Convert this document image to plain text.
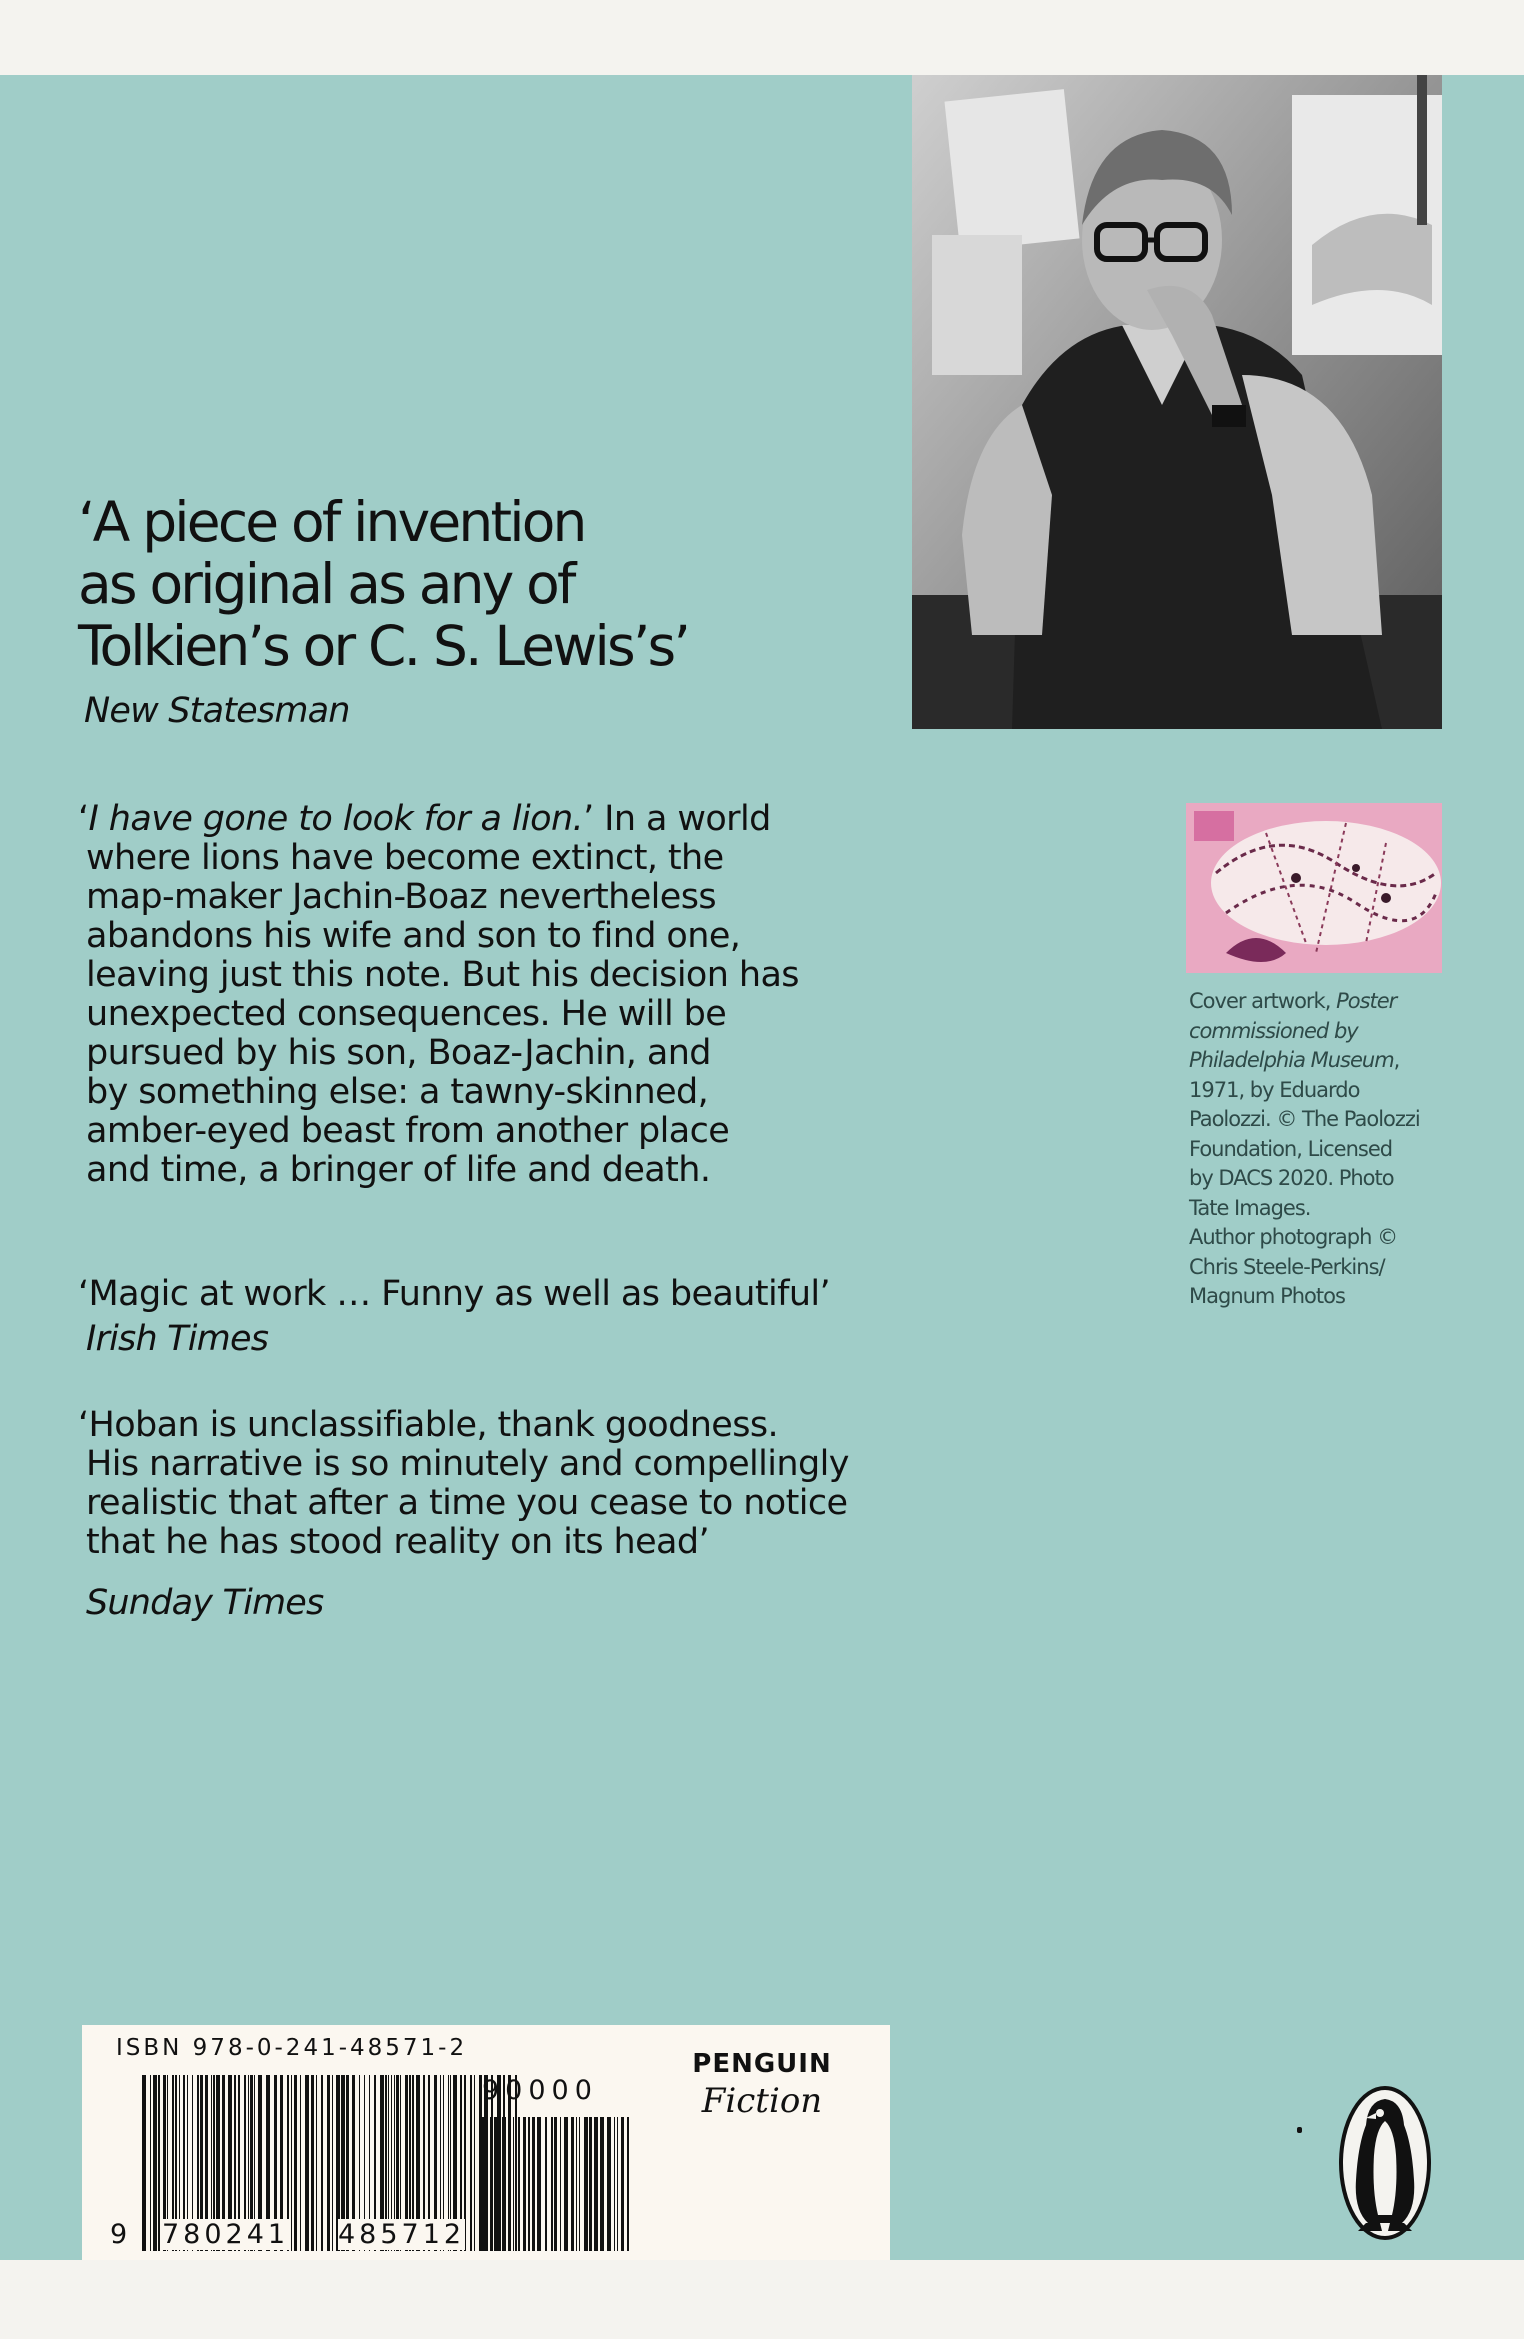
‘A piece of invention
as original as any of
Tolkien’s or C. S. Lewis’s’

New Statesman

‘I have gone to look for a lion.’ In a world
where lions have become extinct, the
map-maker Jachin-Boaz nevertheless
abandons his wife and son to find one,
leaving just this note. But his decision has
unexpected consequences. He will be
pursued by his son, Boaz-Jachin, and
by something else: a tawny-skinned,
amber-eyed beast from another place
and time, a bringer of life and death.
‘Magic at work … Funny as well as beautiful’

Irish Times

‘Hoban is unclassifiable, thank goodness.
His narrative is so minutely and compellingly
realistic that after a time you cease to notice
that he has stood reality on its head’

Sunday Times

Cover artwork, Poster
commissioned by
Philadelphia Museum,
1971, by Eduardo
Paolozzi. © The Paolozzi
Foundation, Licensed
by DACS 2020. Photo
Tate Images.
Author photograph ©
Chris Steele-Perkins/
Magnum Photos

ISBN 978-0-241-48571-2

9 780241 485712

90000

PENGUIN
Fiction
